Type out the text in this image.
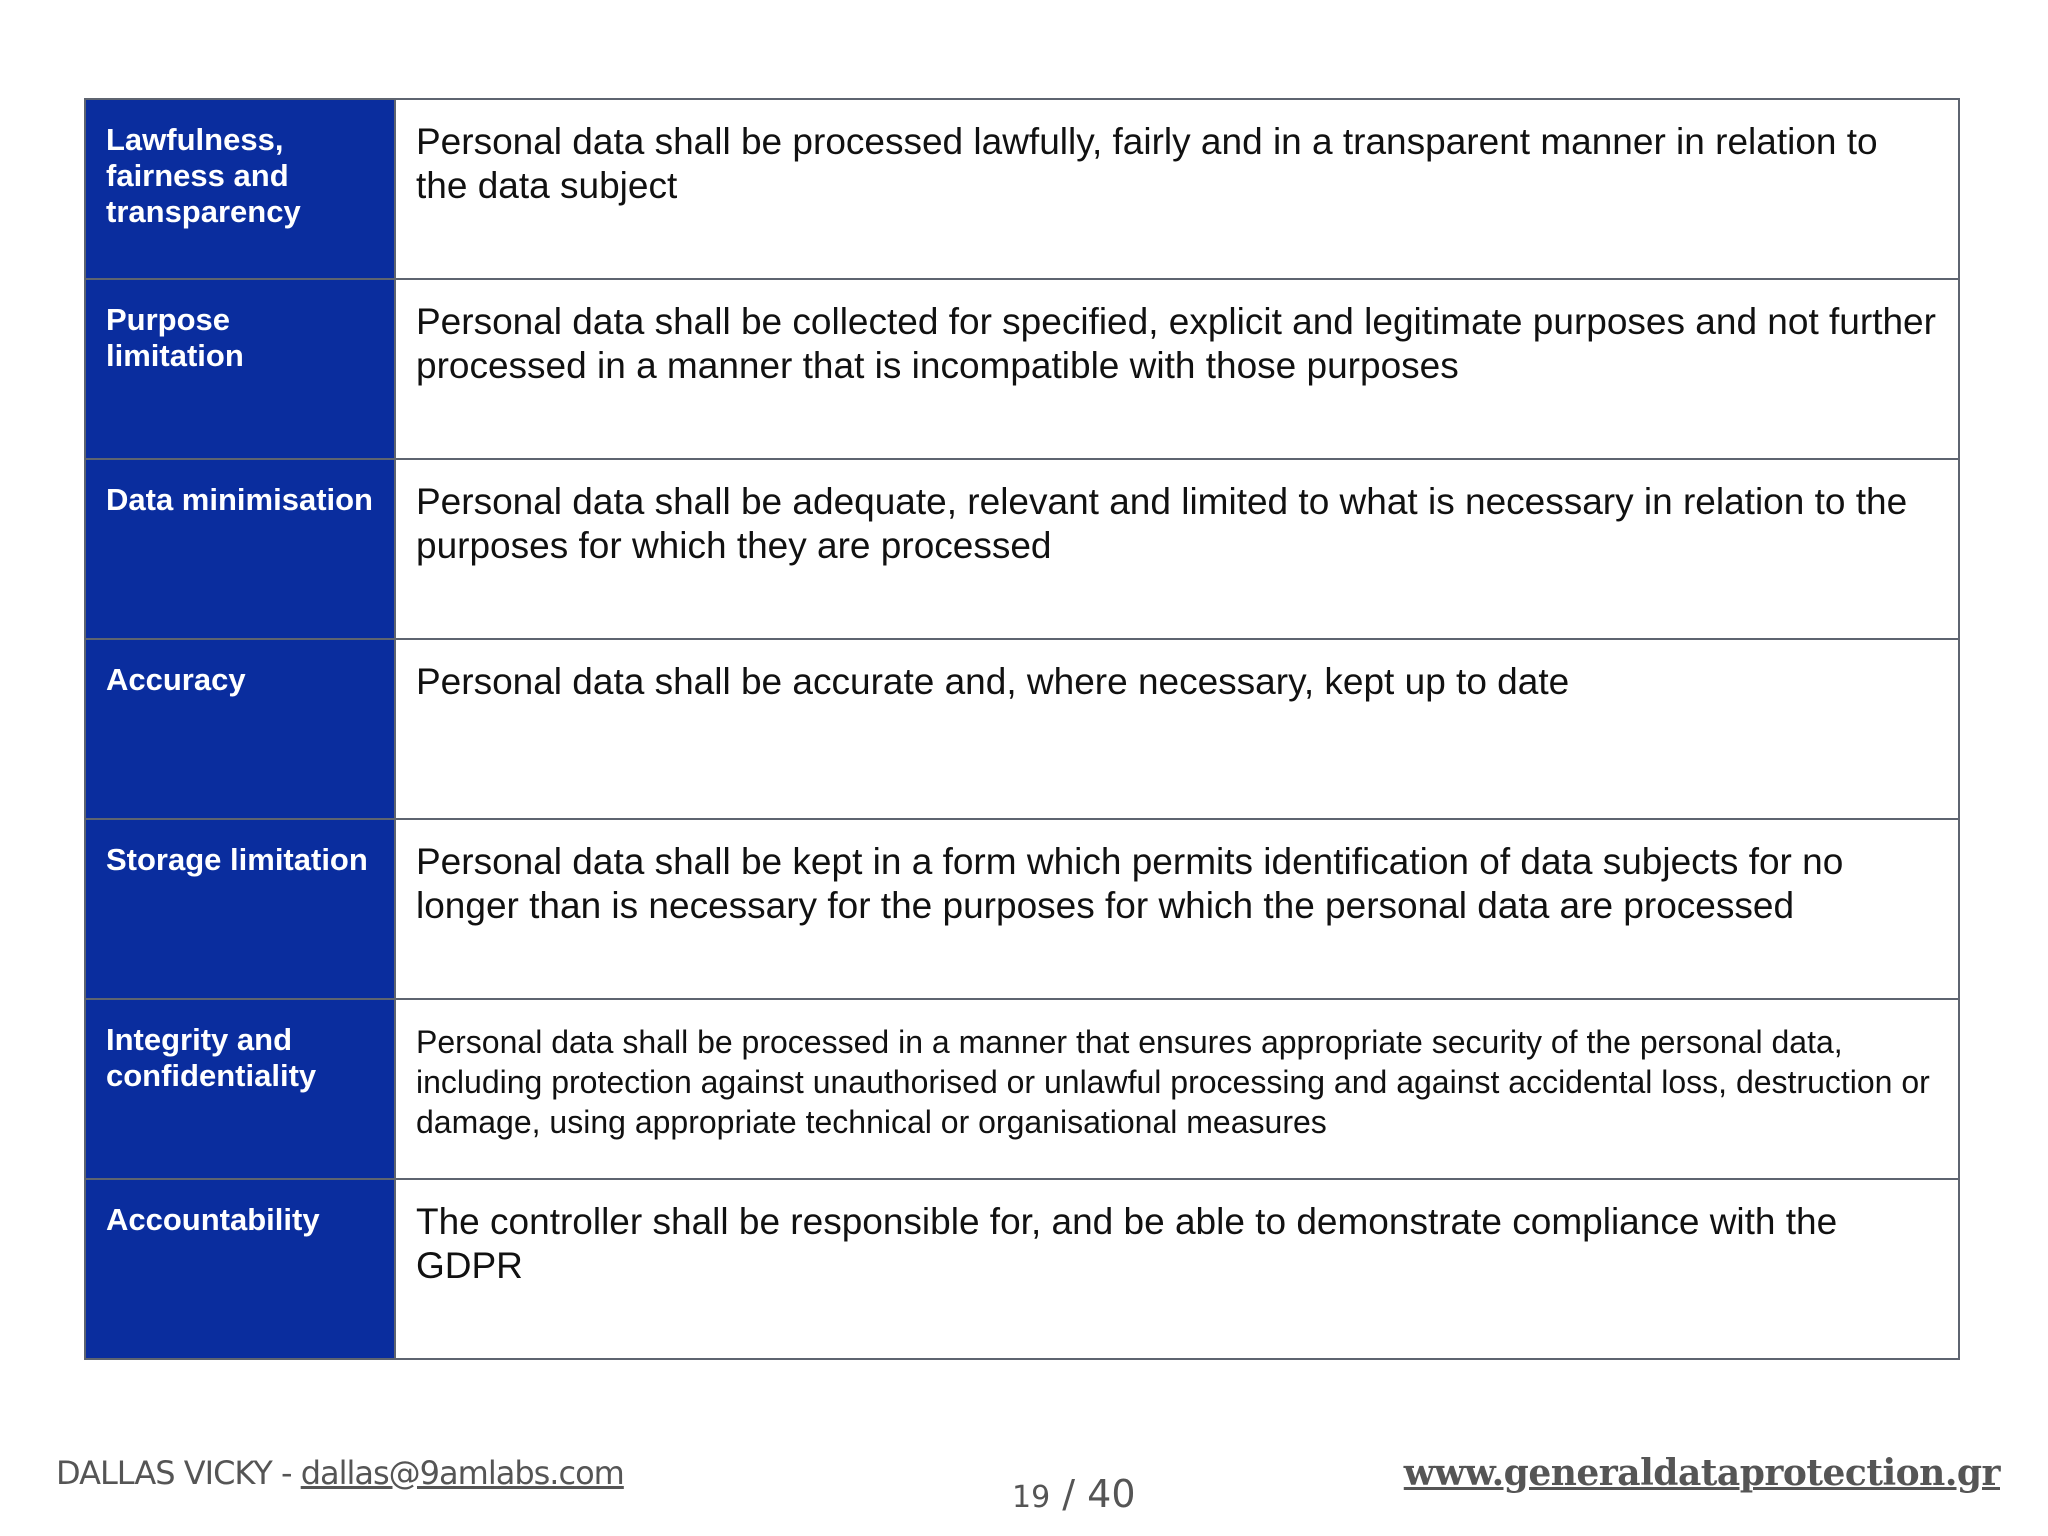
Lawfulness, fairness and transparency	Personal data shall be processed lawfully, fairly and in a transparent manner in relation to the data subject
Purpose limitation	Personal data shall be collected for specified, explicit and legitimate purposes and not further processed in a manner that is incompatible with those purposes
Data minimisation	Personal data shall be adequate, relevant and limited to what is necessary in relation to the purposes for which they are processed
Accuracy	Personal data shall be accurate and, where necessary, kept up to date
Storage limitation	Personal data shall be kept in a form which permits identification of data subjects for no longer than is necessary for the purposes for which the personal data are processed
Integrity and confidentiality	Personal data shall be processed in a manner that ensures appropriate security of the personal data, including protection against unauthorised or unlawful processing and against accidental loss, destruction or damage, using appropriate technical or organisational measures
Accountability	The controller shall be responsible for, and be able to demonstrate compliance with the GDPR
DALLAS VICKY - dallas@9amlabs.com
19 / 40	www.generaldataprotection.gr
